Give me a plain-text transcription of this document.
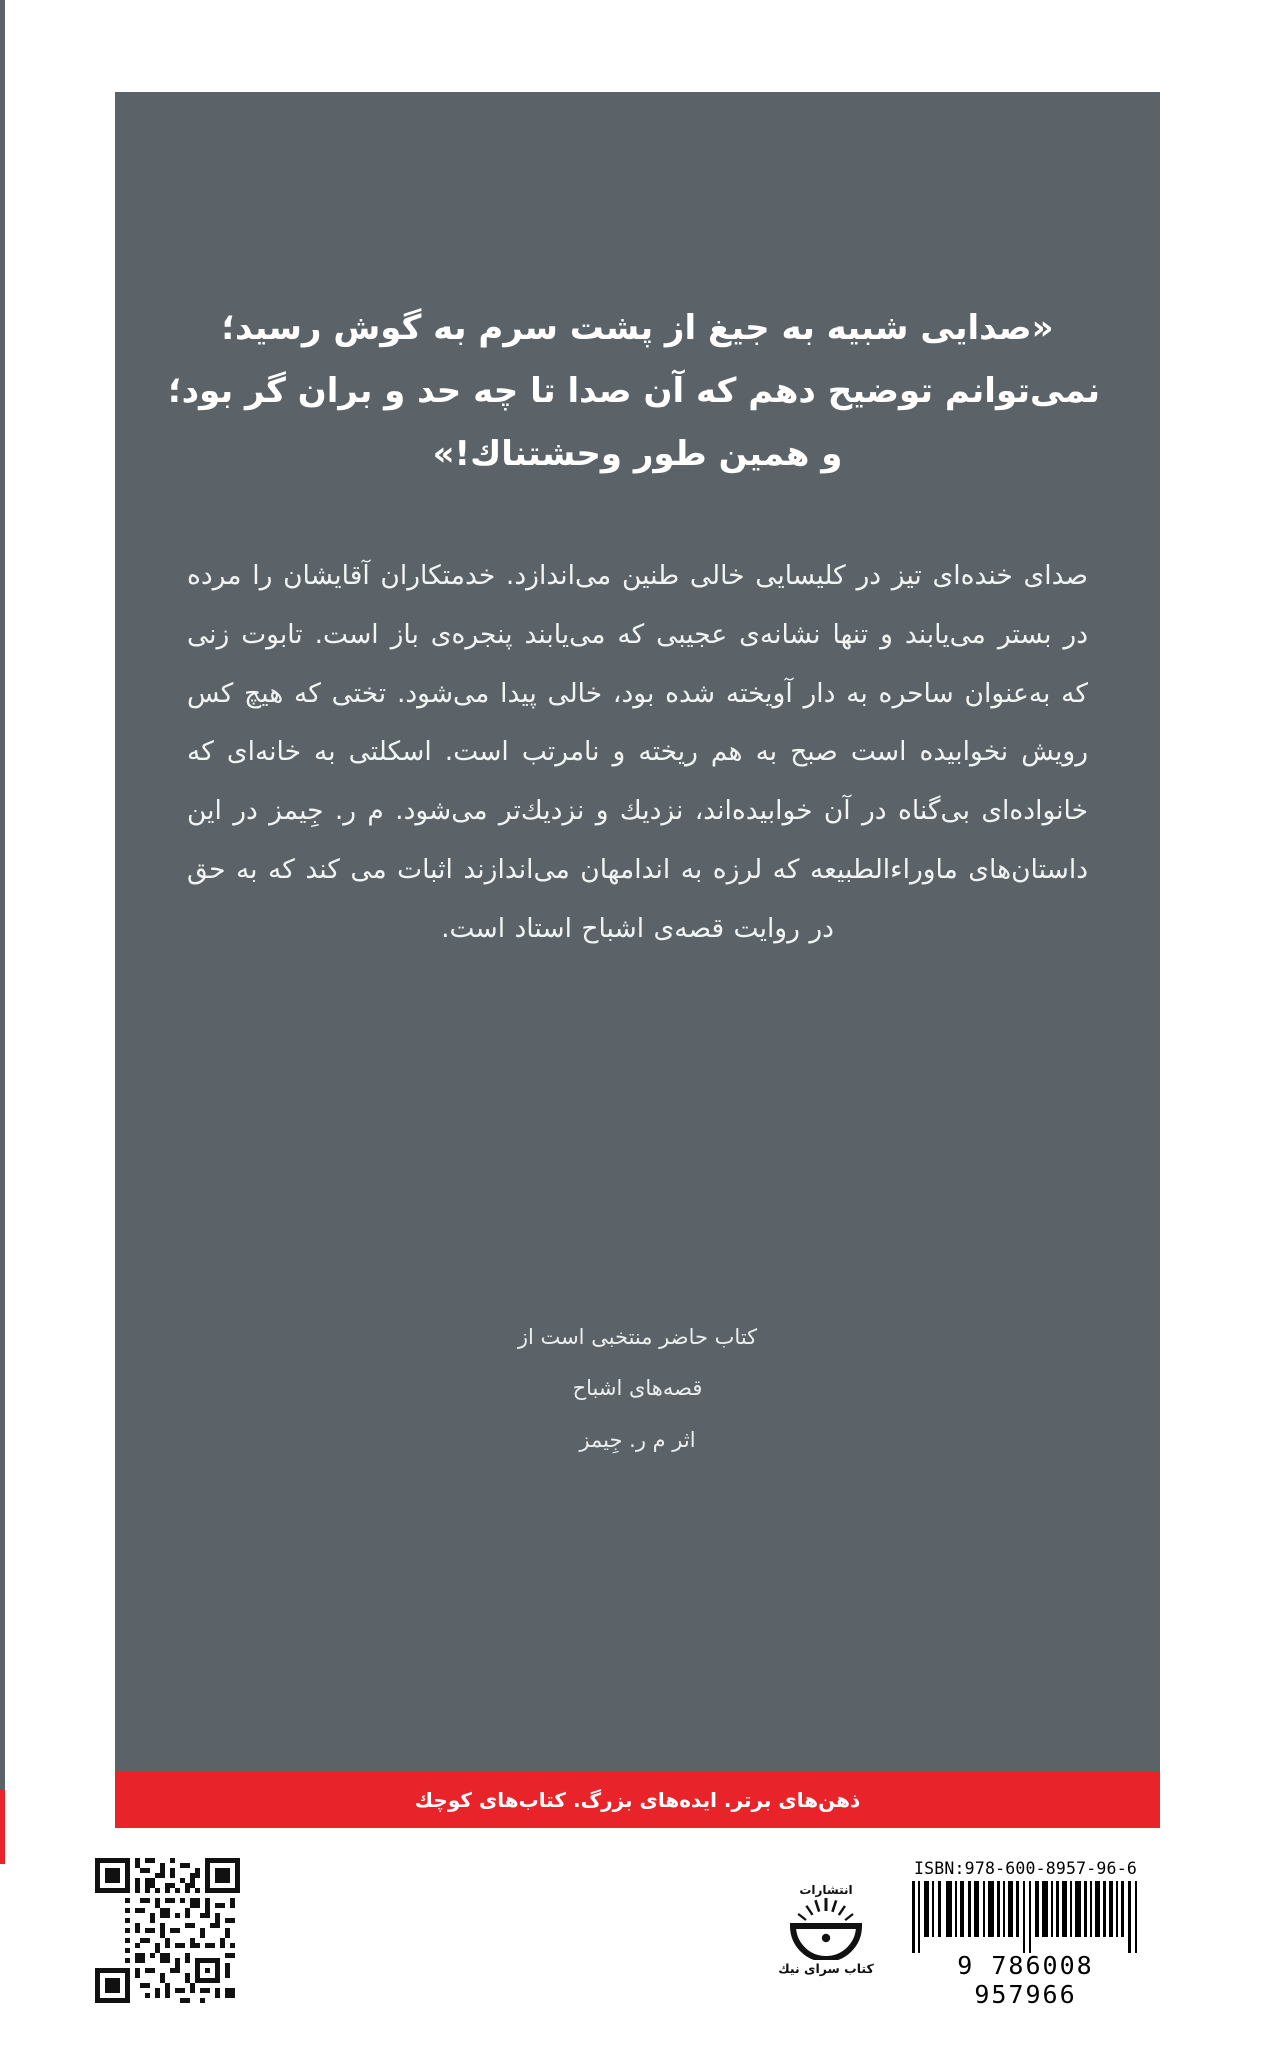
«صدایی شبیه به جیغ از پشت سرم به گوش رسید؛
نمی‌توانم توضیح دهم که آن صدا تا چه حد و بران گر بود؛
و همین طور وحشتناك!»
صدای خنده‌ای تیز در کلیسایی خالی طنین می‌اندازد. خدمتکاران آقایشان را مرده در بستر می‌یابند و تنها نشانه‌ی عجیبی که می‌یابند پنجره‌ی باز است. تابوت زنی که به‌عنوان ساحره به دار آویخته شده بود، خالی پیدا می‌شود. تختی که هیچ کس رویش نخوابیده است صبح به هم ریخته و نامرتب است. اسکلتی به خانه‌ای که خانواده‌ای بی‌گناه در آن خوابیده‌اند، نزدیك و نزدیك‌تر می‌شود. م ر. جِیمز در این داستان‌های ماوراءالطبیعه که لرزه به اندامهان می‌اندازند اثبات می کند که به حق در روایت قصه‌ی اشباح استاد است.
کتاب حاضر منتخبی است از
قصه‌های اشباح
اثر م ر. جِیمز
ذهن‌های برتر. ایده‌های بزرگ. کتاب‌های کوچك
انتشارات
کتاب سرای نیك
ISBN:978-600-8957-96-6
9 786008 957966
